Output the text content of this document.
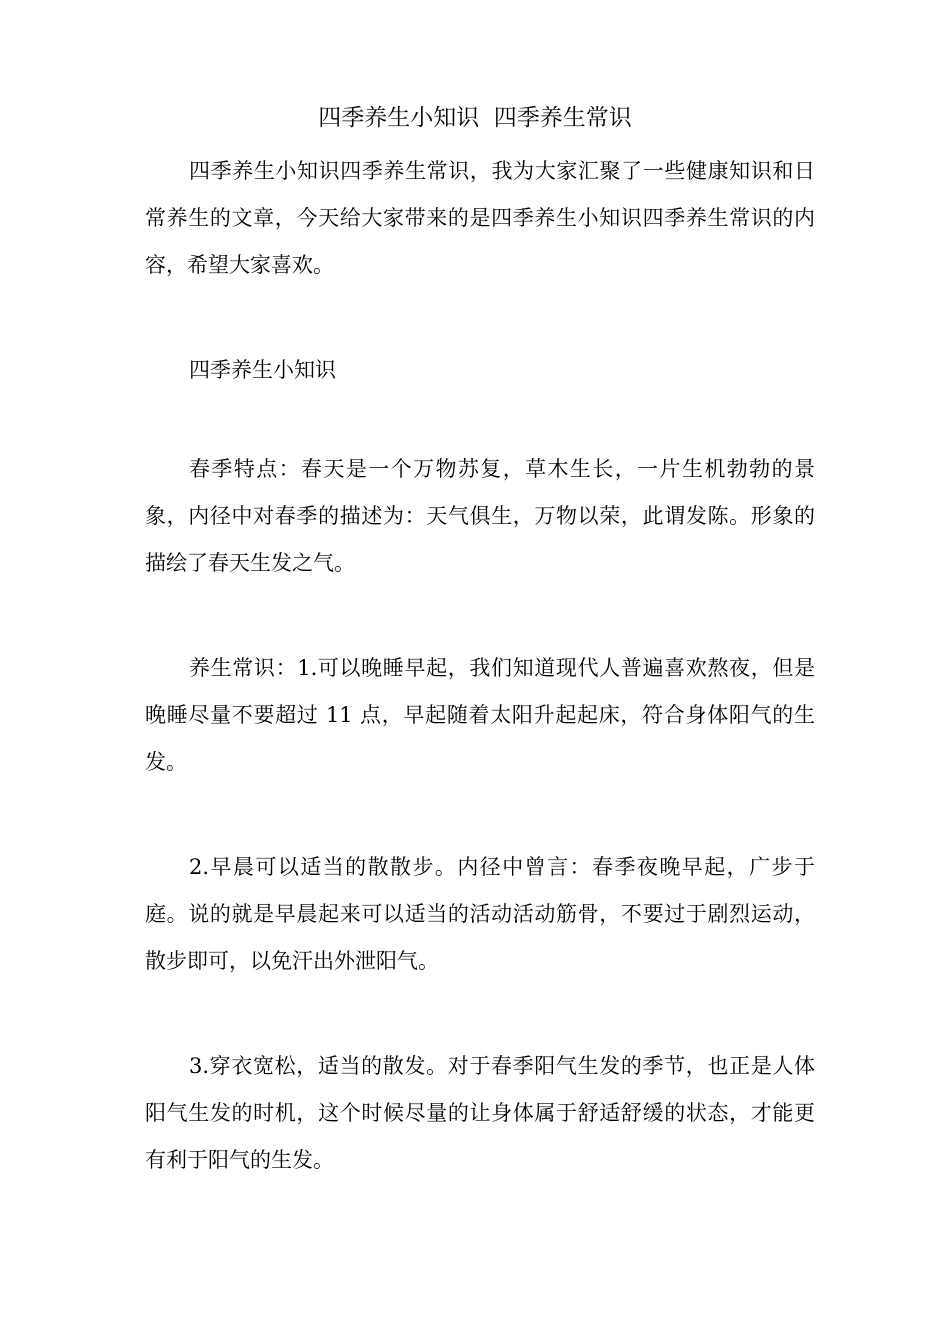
四季养生小知识  四季养生常识

四季养生小知识四季养生常识，我为大家汇聚了一些健康知识和日常养生的文章，今天给大家带来的是四季养生小知识四季养生常识的内容，希望大家喜欢。

四季养生小知识

春季特点：春天是一个万物苏复，草木生长，一片生机勃勃的景象，内径中对春季的描述为：天气俱生，万物以荣，此谓发陈。形象的描绘了春天生发之气。

养生常识：1.可以晚睡早起，我们知道现代人普遍喜欢熬夜，但是晚睡尽量不要超过 11 点，早起随着太阳升起起床，符合身体阳气的生发。

2.早晨可以适当的散散步。内径中曾言：春季夜晚早起，广步于庭。说的就是早晨起来可以适当的活动活动筋骨，不要过于剧烈运动，散步即可，以免汗出外泄阳气。

3.穿衣宽松，适当的散发。对于春季阳气生发的季节，也正是人体阳气生发的时机，这个时候尽量的让身体属于舒适舒缓的状态，才能更有利于阳气的生发。
